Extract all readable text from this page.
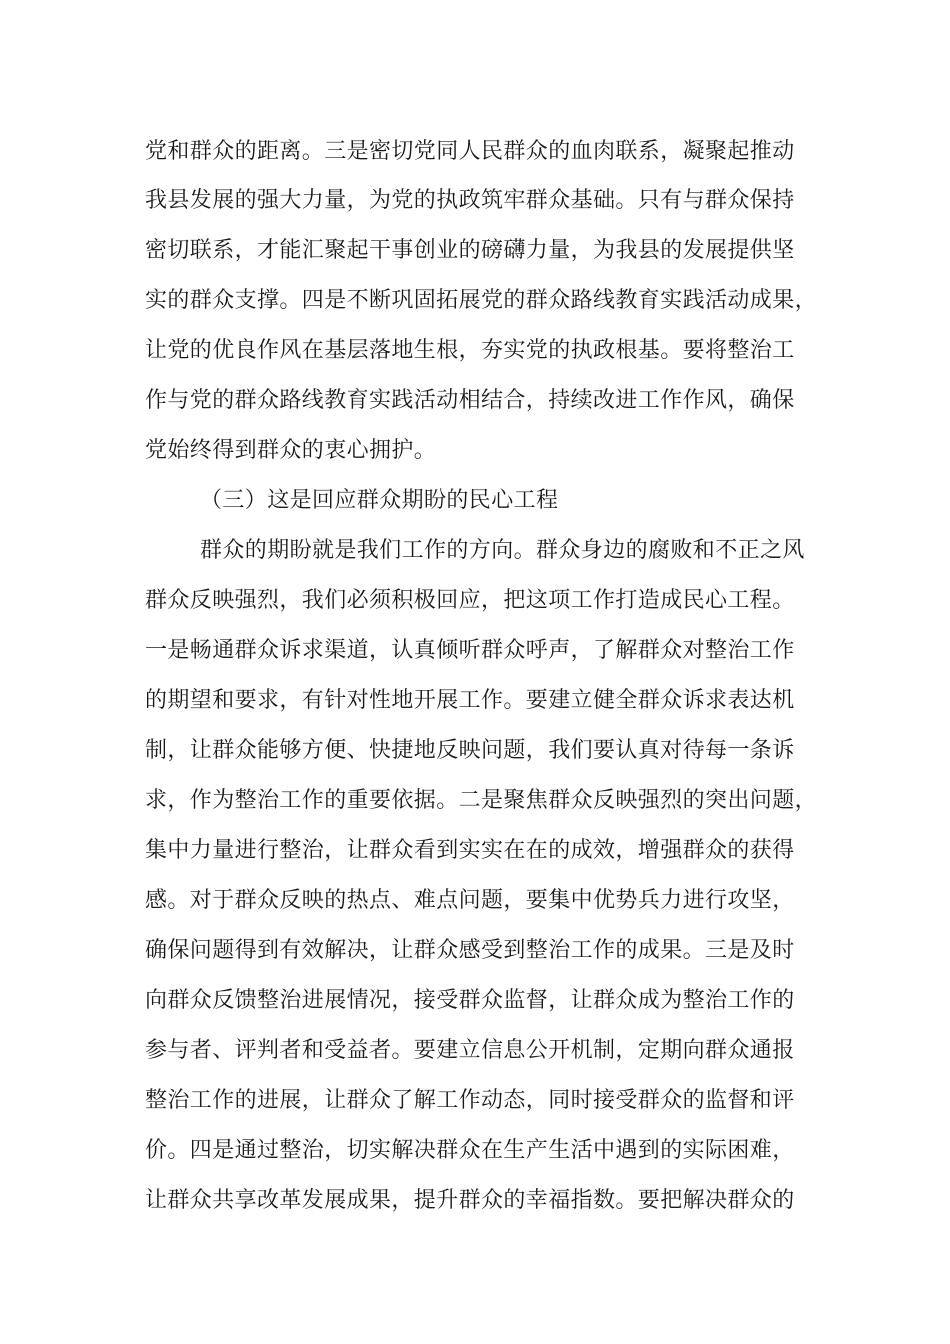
党和群众的距离。三是密切党同人民群众的血肉联系，凝聚起推动
我县发展的强大力量，为党的执政筑牢群众基础。只有与群众保持
密切联系，才能汇聚起干事创业的磅礴力量，为我县的发展提供坚
实的群众支撑。四是不断巩固拓展党的群众路线教育实践活动成果，
让党的优良作风在基层落地生根，夯实党的执政根基。要将整治工
作与党的群众路线教育实践活动相结合，持续改进工作作风，确保
党始终得到群众的衷心拥护。
（三）这是回应群众期盼的民心工程
群众的期盼就是我们工作的方向。群众身边的腐败和不正之风
群众反映强烈，我们必须积极回应，把这项工作打造成民心工程。
一是畅通群众诉求渠道，认真倾听群众呼声，了解群众对整治工作
的期望和要求，有针对性地开展工作。要建立健全群众诉求表达机
制，让群众能够方便、快捷地反映问题，我们要认真对待每一条诉
求，作为整治工作的重要依据。二是聚焦群众反映强烈的突出问题，
集中力量进行整治，让群众看到实实在在的成效，增强群众的获得
感。对于群众反映的热点、难点问题，要集中优势兵力进行攻坚，
确保问题得到有效解决，让群众感受到整治工作的成果。三是及时
向群众反馈整治进展情况，接受群众监督，让群众成为整治工作的
参与者、评判者和受益者。要建立信息公开机制，定期向群众通报
整治工作的进展，让群众了解工作动态，同时接受群众的监督和评
价。四是通过整治，切实解决群众在生产生活中遇到的实际困难，
让群众共享改革发展成果，提升群众的幸福指数。要把解决群众的
